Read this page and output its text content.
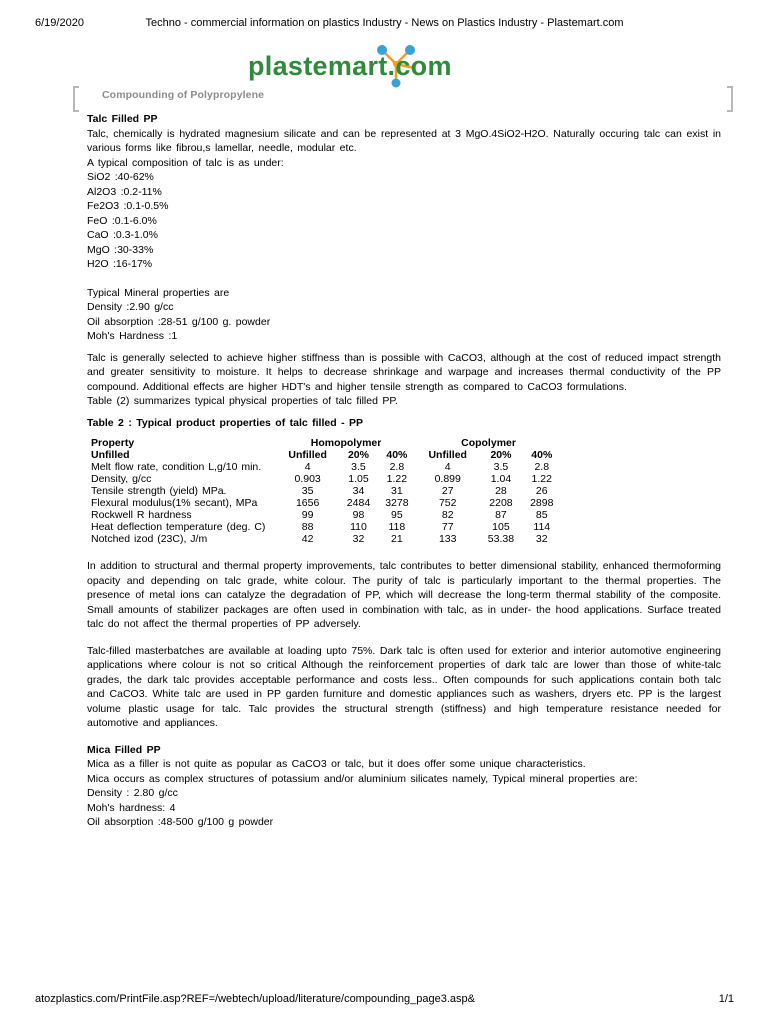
6/19/2020	Techno - commercial information on plastics Industry - News on Plastics Industry - Plastemart.com
plastemart.com
Compounding of Polypropylene

Talc Filled PP

Talc, chemically is hydrated magnesium silicate and can be represented at 3 MgO.4SiO2-H2O. Naturally occuring talc can exist in various forms like fibrou,s lamellar, needle, modular etc.

A typical composition of talc is as under:

SiO2 :40-62%

Al2O3 :0.2-11%

Fe2O3 :0.1-0.5%

FeO :0.1-6.0%

CaO :0.3-1.0%

MgO :30-33%

H2O :16-17%

Typical Mineral properties are

Density :2.90 g/cc

Oil absorption :28-51 g/100 g. powder

Moh's Hardness :1

Talc is generally selected to achieve higher stiffness than is possible with CaCO3, although at the cost of reduced impact strength and greater sensitivity to moisture. It helps to decrease shrinkage and warpage and increases thermal conductivity of the PP compound. Additional effects are higher HDT's and higher tensile strength as compared to CaCO3 formulations.

Table (2) summarizes typical physical properties of talc filled PP.

Table 2 : Typical product properties of talc filled - PP

Property	Homopolymer			Copolymer		
Unfilled	Unfilled	20%	40%	Unfilled	20%	40%
Melt flow rate, condition L,g/10 min.	4	3.5	2.8	4	3.5	2.8
Density, g/cc	0.903	1.05	1.22	0.899	1.04	1.22
Tensile strength (yield) MPa.	35	34	31	27	28	26
Flexural modulus(1% secant), MPa	1656	2484	3278	752	2208	2898
Rockwell R hardness	99	98	95	82	87	85
Heat deflection temperature (deg. C)	88	110	118	77	105	114
Notched izod (23C), J/m	42	32	21	133	53.38	32

In addition to structural and thermal property improvements, talc contributes to better dimensional stability, enhanced thermoforming opacity and depending on talc grade, white colour. The purity of talc is particularly important to the thermal properties. The presence of metal ions can catalyze the degradation of PP, which will decrease the long-term thermal stability of the composite. Small amounts of stabilizer packages are often used in combination with talc, as in under- the hood applications. Surface treated talc do not affect the thermal properties of PP adversely.

Talc-filled masterbatches are available at loading upto 75%. Dark talc is often used for exterior and interior automotive engineering applications where colour is not so critical Although the reinforcement properties of dark talc are lower than those of white-talc grades, the dark talc provides acceptable performance and costs less.. Often compounds for such applications contain both talc and CaCO3. White talc are used in PP garden furniture and domestic appliances such as washers, dryers etc. PP is the largest volume plastic usage for talc. Talc provides the structural strength (stiffness) and high temperature resistance needed for automotive and appliances.

Mica Filled PP

Mica as a filler is not quite as popular as CaCO3 or talc, but it does offer some unique characteristics.

Mica occurs as complex structures of potassium and/or aluminium silicates namely, Typical mineral properties are:

Density : 2.80 g/cc

Moh's hardness: 4

Oil absorption :48-500 g/100 g powder

atozplastics.com/PrintFile.asp?REF=/webtech/upload/literature/compounding_page3.asp&	1/1
